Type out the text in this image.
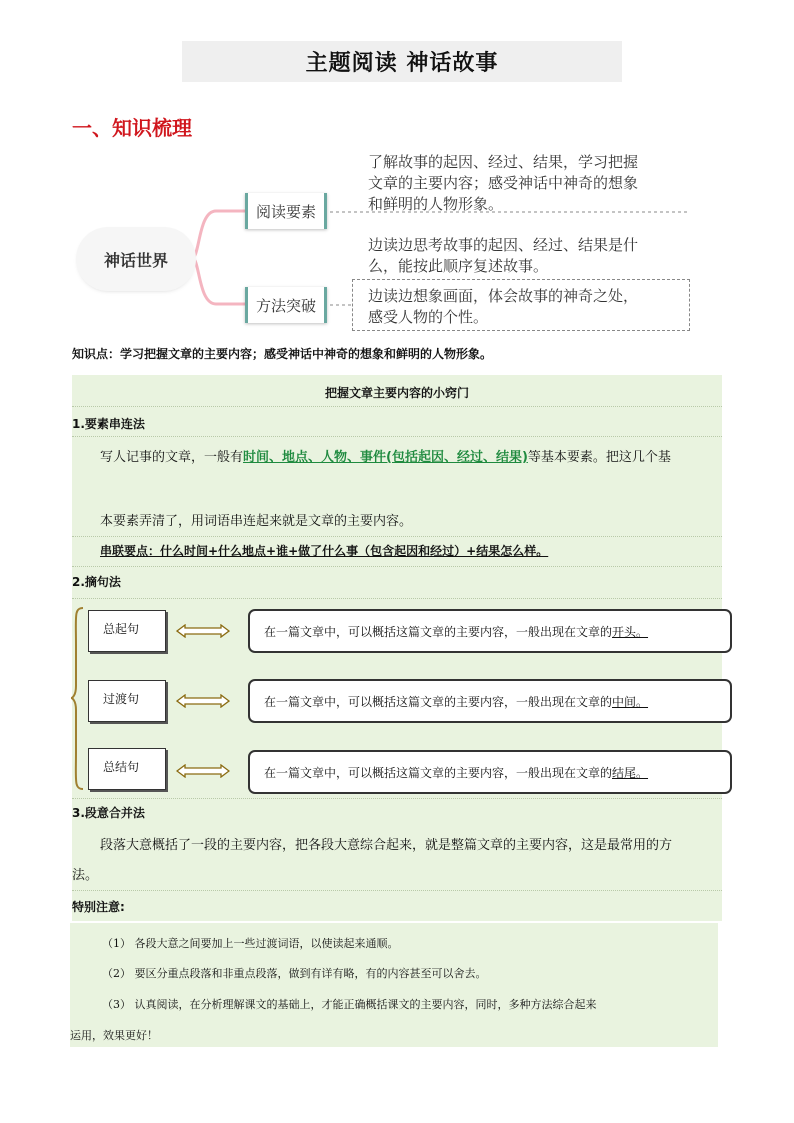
主题阅读 神话故事
一、知识梳理
神话世界
阅读要素
方法突破
了解故事的起因、经过、结果，学习把握
文章的主要内容；感受神话中神奇的想象
和鲜明的人物形象。
边读边思考故事的起因、经过、结果是什
么，能按此顺序复述故事。
边读边想象画面，体会故事的神奇之处，
感受人物的个性。
知识点：学习把握文章的主要内容；感受神话中神奇的想象和鲜明的人物形象。
把握文章主要内容的小窍门
1.要素串连法
写人记事的文章，一般有时间、地点、人物、事件(包括起因、经过、结果)等基本要素。把这几个基
本要素弄清了，用词语串连起来就是文章的主要内容。
串联要点：什么时间+什么地点+谁+做了什么事（包含起因和经过）+结果怎么样。
2.摘句法
总起句	在一篇文章中，可以概括这篇文章的主要内容，一般出现在文章的 开头。
过渡句	在一篇文章中，可以概括这篇文章的主要内容，一般出现在文章的 中间。
总结句	在一篇文章中，可以概括这篇文章的主要内容，一般出现在文章的 结尾。
3.段意合并法
段落大意概括了一段的主要内容，把各段大意综合起来，就是整篇文章的主要内容，这是最常用的方
法。
特别注意:
（1） 各段大意之间要加上一些过渡词语，以使读起来通顺。
（2） 要区分重点段落和非重点段落，做到有详有略，有的内容甚至可以舍去。
（3） 认真阅读，在分析理解课文的基础上，才能正确概括课文的主要内容，同时，多种方法综合起来
运用，效果更好！
